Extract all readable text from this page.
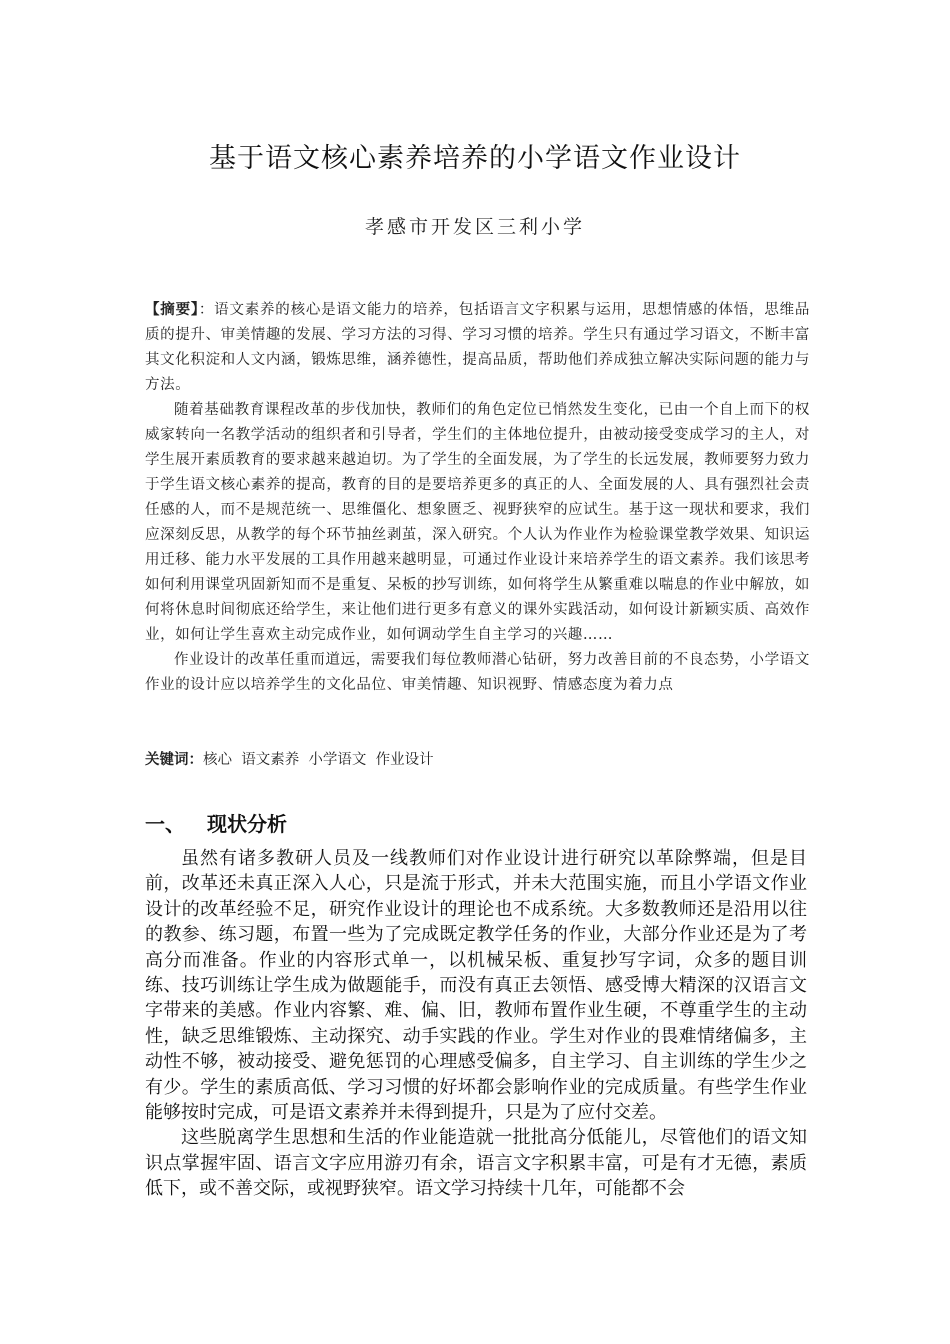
基于语文核心素养培养的小学语文作业设计
孝感市开发区三利小学

【摘要】：语文素养的核心是语文能力的培养，包括语言文字积累与运用，思想情感的体悟，思维品质的提升、审美情趣的发展、学习方法的习得、学习习惯的培养。学生只有通过学习语文，不断丰富其文化积淀和人文内涵，锻炼思维，涵养德性，提高品质，帮助他们养成独立解决实际问题的能力与方法。

随着基础教育课程改革的步伐加快，教师们的角色定位已悄然发生变化，已由一个自上而下的权威家转向一名教学活动的组织者和引导者，学生们的主体地位提升，由被动接受变成学习的主人，对学生展开素质教育的要求越来越迫切。为了学生的全面发展，为了学生的长远发展，教师要努力致力于学生语文核心素养的提高，教育的目的是要培养更多的真正的人、全面发展的人、具有强烈社会责任感的人，而不是规范统一、思维僵化、想象匮乏、视野狭窄的应试生。基于这一现状和要求，我们应深刻反思，从教学的每个环节抽丝剥茧，深入研究。个人认为作业作为检验课堂教学效果、知识运用迁移、能力水平发展的工具作用越来越明显，可通过作业设计来培养学生的语文素养。我们该思考如何利用课堂巩固新知而不是重复、呆板的抄写训练，如何将学生从繁重难以喘息的作业中解放，如何将休息时间彻底还给学生，来让他们进行更多有意义的课外实践活动，如何设计新颖实质、高效作业，如何让学生喜欢主动完成作业，如何调动学生自主学习的兴趣……

作业设计的改革任重而道远，需要我们每位教师潜心钻研，努力改善目前的不良态势，小学语文作业的设计应以培养学生的文化品位、审美情趣、知识视野、情感态度为着力点

关键词：核心  语文素养  小学语文  作业设计
一、 现状分析

虽然有诸多教研人员及一线教师们对作业设计进行研究以革除弊端，但是目前，改革还未真正深入人心，只是流于形式，并未大范围实施，而且小学语文作业设计的改革经验不足，研究作业设计的理论也不成系统。大多数教师还是沿用以往的教参、练习题，布置一些为了完成既定教学任务的作业，大部分作业还是为了考高分而准备。作业的内容形式单一，以机械呆板、重复抄写字词，众多的题目训练、技巧训练让学生成为做题能手，而没有真正去领悟、感受博大精深的汉语言文字带来的美感。作业内容繁、难、偏、旧，教师布置作业生硬，不尊重学生的主动性，缺乏思维锻炼、主动探究、动手实践的作业。学生对作业的畏难情绪偏多，主动性不够，被动接受、避免惩罚的心理感受偏多，自主学习、自主训练的学生少之有少。学生的素质高低、学习习惯的好坏都会影响作业的完成质量。有些学生作业能够按时完成，可是语文素养并未得到提升，只是为了应付交差。

这些脱离学生思想和生活的作业能造就一批批高分低能儿，尽管他们的语文知识点掌握牢固、语言文字应用游刃有余，语言文字积累丰富，可是有才无德，素质低下，或不善交际，或视野狭窄。语文学习持续十几年，可能都不会
